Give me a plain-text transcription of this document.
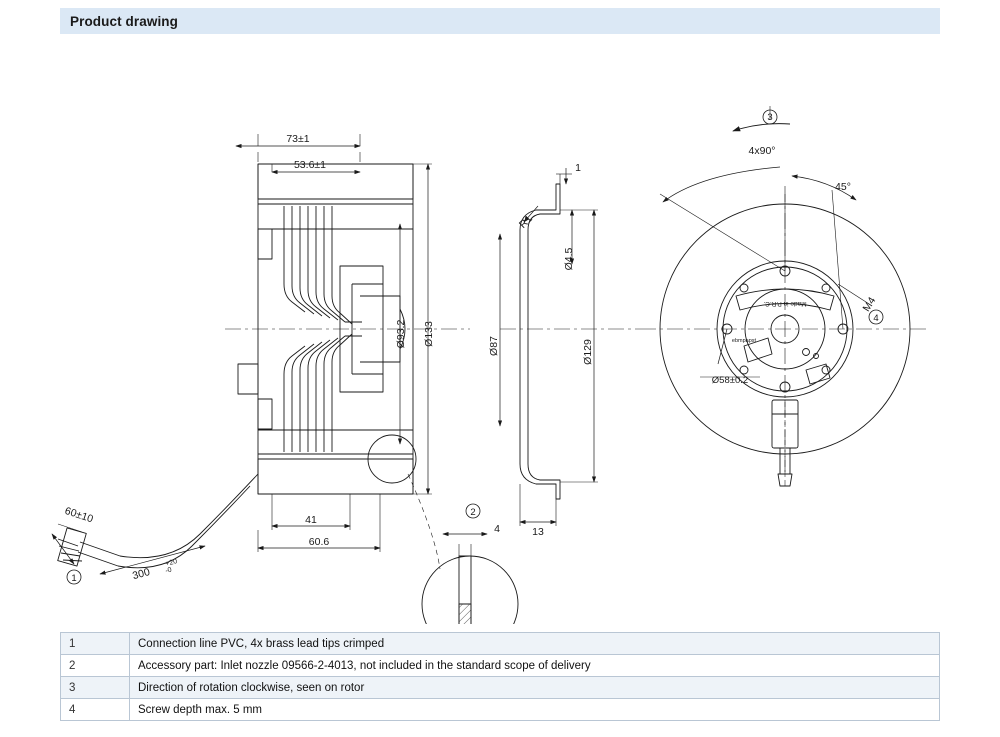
Product drawing
73±1
53.6±1
Ø93.2 Ø133
41
60.6
60±10
300 -0
+20
1
2
4
1
R1
Ø4.5
Ø87	Ø129
13
3
4x90°
45°
M4
4
Ø58±0.2
Made in P.R.C.
ebmpapst
1	Connection line PVC, 4x brass lead tips crimped
2	Accessory part: Inlet nozzle 09566-2-4013, not included in the standard scope of delivery
3	Direction of rotation clockwise, seen on rotor
4	Screw depth max. 5 mm
